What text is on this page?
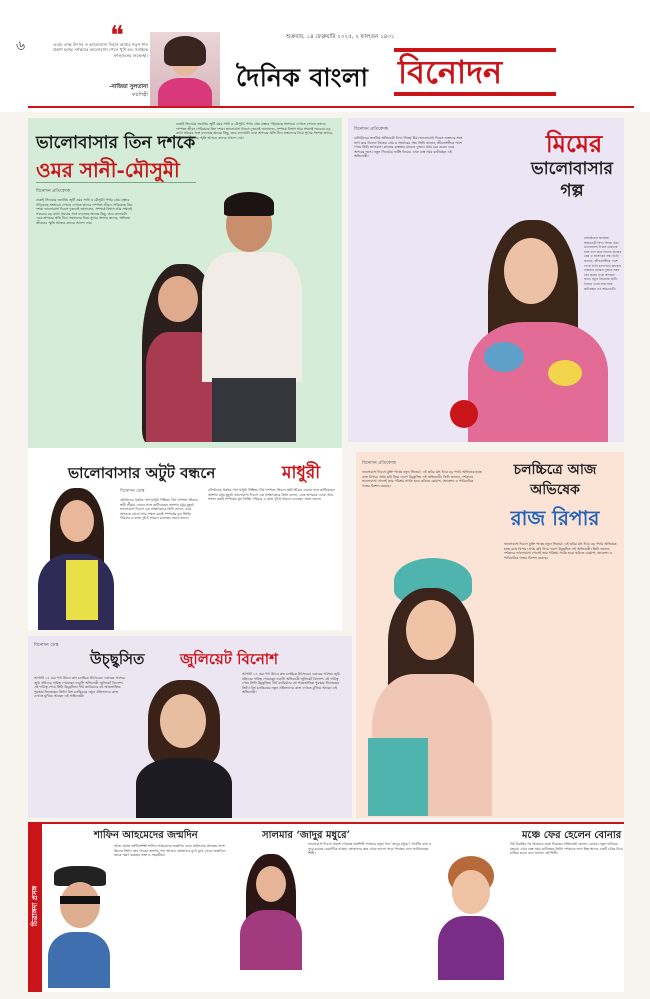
৬	❝
এবার বসন্ত উৎসব ও ভালোবাসা দিবসে আমার নতুন গান প্রকাশ হচ্ছে। দর্শকদের ভালোবাসা পেলে খুশি হব। সবাইকে ফাল্গুনের শুভেচ্ছা।
-নাজিয়া সুলতানা
কণ্ঠশিল্পী
শুক্রবার, ১৪ ফেব্রুয়ারি ২০২৫, ২ ফাল্গুন ১৪৩১
দৈনিক বাংলা বিনোদন
ভালোবাসার তিন দশকে
ওমর সানী-মৌসুমী
বিনোদন প্রতিবেদক
ঢাকাই সিনেমার জনপ্রিয় জুটি ওমর সানী ও মৌসুমী। পর্দার প্রেম বাস্তবে গড়িয়েছে সংসারে। দেখতে দেখতে তাদের দাম্পত্য জীবন পেরিয়েছে তিন দশক। ভালোবাসা দিবসে দুজনেই জানালেন, সম্পর্কে বিশ্বাস আর সম্মানই সবচেয়ে বড় কথা। সময়ের সঙ্গে বদলেছে অনেক কিছু, তবে বদলায়নি একে অপরের প্রতি টান। সন্তানদের নিয়ে সুখের সংসার তাদের, অভিনয় জীবনের স্মৃতি আজও তাদের আনন্দ দেয়।
ঢাকাই সিনেমার জনপ্রিয় জুটি ওমর সানী ও মৌসুমী। পর্দার প্রেম বাস্তবে গড়িয়েছে সংসারে। দেখতে দেখতে তাদের দাম্পত্য জীবন পেরিয়েছে তিন দশক। ভালোবাসা দিবসে দুজনেই জানালেন, সম্পর্কে বিশ্বাস আর সম্মানই সবচেয়ে বড় কথা। সময়ের সঙ্গে বদলেছে অনেক কিছু, তবে বদলায়নি একে অপরের প্রতি টান। সন্তানদের নিয়ে সুখের সংসার তাদের, অভিনয় জীবনের স্মৃতি আজও তাদের আনন্দ দেয়।
বিনোদন প্রতিবেদক
ঢালিউডের জনপ্রিয় অভিনেত্রী বিদ্যা সিনহা মিম। ভালোবাসা দিবসে ভক্তদের সঙ্গে ভাগ করে নিলেন নিজের প্রেম ও সংসারের গল্প। তিনি জানান, জীবনসঙ্গীকে পাশে পেয়ে তিনি ভাগ্যবান। কাজের ব্যস্ততার মাঝেও দুজনে সময় বের করেন একে অপরের জন্য। নতুন সিনেমার শুটিং নিয়েও এখন ব্যস্ত সময় কাটাচ্ছেন এই অভিনেত্রী।	মিমের
ভালোবাসার গল্প
ঢালিউডের জনপ্রিয় অভিনেত্রী বিদ্যা সিনহা মিম। ভালোবাসা দিবসে ভক্তদের সঙ্গে ভাগ করে নিলেন নিজের প্রেম ও সংসারের গল্প। তিনি জানান, জীবনসঙ্গীকে পাশে পেয়ে তিনি ভাগ্যবান। কাজের ব্যস্ততার মাঝেও দুজনে সময় বের করেন একে অপরের জন্য। নতুন সিনেমার শুটিং নিয়েও এখন ব্যস্ত সময় কাটাচ্ছেন এই অভিনেত্রী।
ভালোবাসার অটুট বন্ধনে	মাধুরী
বিনোদন ডেস্ক
বলিউডের ধকধক গার্ল মাধুরী দীক্ষিত। দীর্ঘ দাম্পত্য জীবনে স্বামী শ্রীরাম নেনের সঙ্গে কাটিয়েছেন অসংখ্য মধুর মুহূর্ত। ভালোবাসা দিবসে এক সাক্ষাৎকারে তিনি বলেন, একে অপরকে বোঝা আর সম্মান করাই সম্পর্কের মূল ভিত্তি। পরিবার ও কাজ দুই-ই সামলে চলেছেন সমান তালে।
বলিউডের ধকধক গার্ল মাধুরী দীক্ষিত। দীর্ঘ দাম্পত্য জীবনে স্বামী শ্রীরাম নেনের সঙ্গে কাটিয়েছেন অসংখ্য মধুর মুহূর্ত। ভালোবাসা দিবসে এক সাক্ষাৎকারে তিনি বলেন, একে অপরকে বোঝা আর সম্মান করাই সম্পর্কের মূল ভিত্তি। পরিবার ও কাজ দুই-ই সামলে চলেছেন সমান তালে।
বিনোদন প্রতিবেদক
ভালোবাসা দিবসে মুক্তি পাচ্ছে নতুন সিনেমা। এই ছবির মধ্য দিয়ে বড় পর্দায় অভিষেক হচ্ছে রাজ রিপার। প্রথম ছবি নিয়ে দারুণ উচ্ছ্বসিত এই অভিনেত্রী। তিনি জানান, দর্শকদের ভালোবাসা পেলেই তার পরিশ্রম সার্থক হবে। ছবিতে রোমান্স, অ্যাকশন ও পারিবারিক গল্পের মিশেল রয়েছে।
চলচ্চিত্রে আজ অভিষেক
রাজ রিপার
ভালোবাসা দিবসে মুক্তি পাচ্ছে নতুন সিনেমা। এই ছবির মধ্য দিয়ে বড় পর্দায় অভিষেক হচ্ছে রাজ রিপার। প্রথম ছবি নিয়ে দারুণ উচ্ছ্বসিত এই অভিনেত্রী। তিনি জানান, দর্শকদের ভালোবাসা পেলেই তার পরিশ্রম সার্থক হবে। ছবিতে রোমান্স, অ্যাকশন ও পারিবারিক গল্পের মিশেল রয়েছে।
বিনোদন ডেস্ক
উচ্ছ্বসিত জুলিয়েট বিনোশ
আগামী ১৫ মের পর্দা উঠবে কান চলচ্চিত্র উৎসবের। এবারের আসরে জুরি প্রধানের দায়িত্ব পেয়েছেন ফরাসি অভিনেত্রী জুলিয়েট বিনোশ। এই দায়িত্ব পেয়ে তিনি উচ্ছ্বসিত। দীর্ঘ ক্যারিয়ারে বহু আন্তর্জাতিক পুরস্কার জিতেছেন তিনি। বিশ্ব চলচ্চিত্রের নতুন প্রতিভাদের কাজ দেখতে মুখিয়ে আছেন এই অভিনেত্রী।
আগামী ১৫ মের পর্দা উঠবে কান চলচ্চিত্র উৎসবের। এবারের আসরে জুরি প্রধানের দায়িত্ব পেয়েছেন ফরাসি অভিনেত্রী জুলিয়েট বিনোশ। এই দায়িত্ব পেয়ে তিনি উচ্ছ্বসিত। দীর্ঘ ক্যারিয়ারে বহু আন্তর্জাতিক পুরস্কার জিতেছেন তিনি। বিশ্ব চলচ্চিত্রের নতুন প্রতিভাদের কাজ দেখতে মুখিয়ে আছেন এই অভিনেত্রী।
চিত্রাঙ্গদা প্রসঙ্গ
শাফিন আহমেদের জন্মদিন
আজ প্রয়াত সংগীতশিল্পী শাফিন আহমেদের জন্মদিন। ব্যান্ড মাইলসের অন্যতম সদস্য ছিলেন তিনি। তার গাওয়া অসংখ্য গান আজও শ্রোতাদের মুখে মুখে ফেরে। জন্মদিনে তাকে স্মরণ করছেন ভক্ত ও সহকর্মীরা।
সালমার ‘জাদুর মধুরে’
ভালোবাসা দিবসে প্রকাশ পেয়েছে কণ্ঠশিল্পী সালমার নতুন গান ‘জাদুর মধুরে’। গানটির কথা ও সুরে রয়েছে রোমান্টিক আবহ। শ্রোতাদের কাছ থেকে ভালো সাড়া পাচ্ছেন বলে জানিয়েছেন শিল্পী।
মঞ্চে ফের হেলেন বোনার
দীর্ঘ বিরতির পর আবারও মঞ্চে ফিরছেন অভিনেত্রী হেলেন বোনার। নতুন নাটকের মহড়ায় এখন ব্যস্ত সময় কাটাচ্ছেন তিনি। দর্শকদের জন্য ভিন্ন স্বাদের একটি চরিত্র নিয়ে হাজির হবেন বলে জানান এই শিল্পী।
